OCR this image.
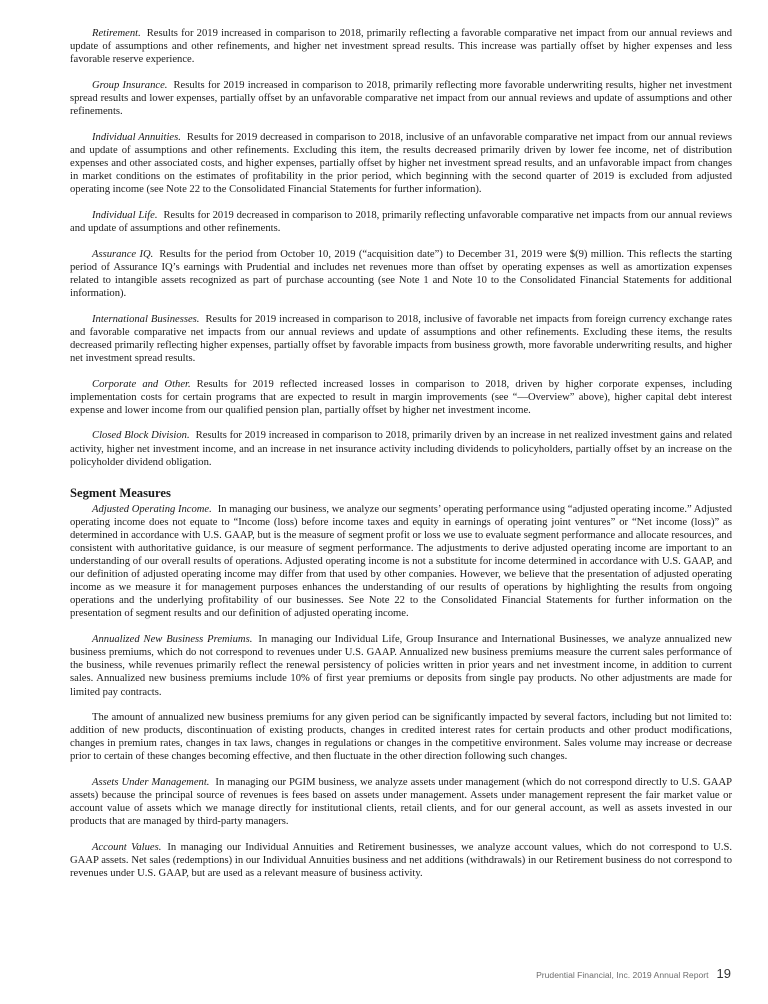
Retirement. Results for 2019 increased in comparison to 2018, primarily reflecting a favorable comparative net impact from our annual reviews and update of assumptions and other refinements, and higher net investment spread results. This increase was partially offset by higher expenses and less favorable reserve experience.

Group Insurance. Results for 2019 increased in comparison to 2018, primarily reflecting more favorable underwriting results, higher net investment spread results and lower expenses, partially offset by an unfavorable comparative net impact from our annual reviews and update of assumptions and other refinements.

Individual Annuities. Results for 2019 decreased in comparison to 2018, inclusive of an unfavorable comparative net impact from our annual reviews and update of assumptions and other refinements. Excluding this item, the results decreased primarily driven by lower fee income, net of distribution expenses and other associated costs, and higher expenses, partially offset by higher net investment spread results, and an unfavorable impact from changes in market conditions on the estimates of profitability in the prior period, which beginning with the second quarter of 2019 is excluded from adjusted operating income (see Note 22 to the Consolidated Financial Statements for further information).

Individual Life. Results for 2019 decreased in comparison to 2018, primarily reflecting unfavorable comparative net impacts from our annual reviews and update of assumptions and other refinements.

Assurance IQ. Results for the period from October 10, 2019 (“acquisition date”) to December 31, 2019 were $(9) million. This reflects the starting period of Assurance IQ’s earnings with Prudential and includes net revenues more than offset by operating expenses as well as amortization expenses related to intangible assets recognized as part of purchase accounting (see Note 1 and Note 10 to the Consolidated Financial Statements for additional information).

International Businesses. Results for 2019 increased in comparison to 2018, inclusive of favorable net impacts from foreign currency exchange rates and favorable comparative net impacts from our annual reviews and update of assumptions and other refinements. Excluding these items, the results decreased primarily reflecting higher expenses, partially offset by favorable impacts from business growth, more favorable underwriting results, and higher net investment spread results.

Corporate and Other. Results for 2019 reflected increased losses in comparison to 2018, driven by higher corporate expenses, including implementation costs for certain programs that are expected to result in margin improvements (see “—Overview” above), higher capital debt interest expense and lower income from our qualified pension plan, partially offset by higher net investment income.

Closed Block Division. Results for 2019 increased in comparison to 2018, primarily driven by an increase in net realized investment gains and related activity, higher net investment income, and an increase in net insurance activity including dividends to policyholders, partially offset by an increase on the policyholder dividend obligation.

Segment Measures

Adjusted Operating Income. In managing our business, we analyze our segments’ operating performance using “adjusted operating income.” Adjusted operating income does not equate to “Income (loss) before income taxes and equity in earnings of operating joint ventures” or “Net income (loss)” as determined in accordance with U.S. GAAP, but is the measure of segment profit or loss we use to evaluate segment performance and allocate resources, and consistent with authoritative guidance, is our measure of segment performance. The adjustments to derive adjusted operating income are important to an understanding of our overall results of operations. Adjusted operating income is not a substitute for income determined in accordance with U.S. GAAP, and our definition of adjusted operating income may differ from that used by other companies. However, we believe that the presentation of adjusted operating income as we measure it for management purposes enhances the understanding of our results of operations by highlighting the results from ongoing operations and the underlying profitability of our businesses. See Note 22 to the Consolidated Financial Statements for further information on the presentation of segment results and our definition of adjusted operating income.

Annualized New Business Premiums. In managing our Individual Life, Group Insurance and International Businesses, we analyze annualized new business premiums, which do not correspond to revenues under U.S. GAAP. Annualized new business premiums measure the current sales performance of the business, while revenues primarily reflect the renewal persistency of policies written in prior years and net investment income, in addition to current sales. Annualized new business premiums include 10% of first year premiums or deposits from single pay products. No other adjustments are made for limited pay contracts.

The amount of annualized new business premiums for any given period can be significantly impacted by several factors, including but not limited to: addition of new products, discontinuation of existing products, changes in credited interest rates for certain products and other product modifications, changes in premium rates, changes in tax laws, changes in regulations or changes in the competitive environment. Sales volume may increase or decrease prior to certain of these changes becoming effective, and then fluctuate in the other direction following such changes.

Assets Under Management. In managing our PGIM business, we analyze assets under management (which do not correspond directly to U.S. GAAP assets) because the principal source of revenues is fees based on assets under management. Assets under management represent the fair market value or account value of assets which we manage directly for institutional clients, retail clients, and for our general account, as well as assets invested in our products that are managed by third-party managers.

Account Values. In managing our Individual Annuities and Retirement businesses, we analyze account values, which do not correspond to U.S. GAAP assets. Net sales (redemptions) in our Individual Annuities business and net additions (withdrawals) in our Retirement business do not correspond to revenues under U.S. GAAP, but are used as a relevant measure of business activity.

Prudential Financial, Inc. 2019 Annual Report 19
